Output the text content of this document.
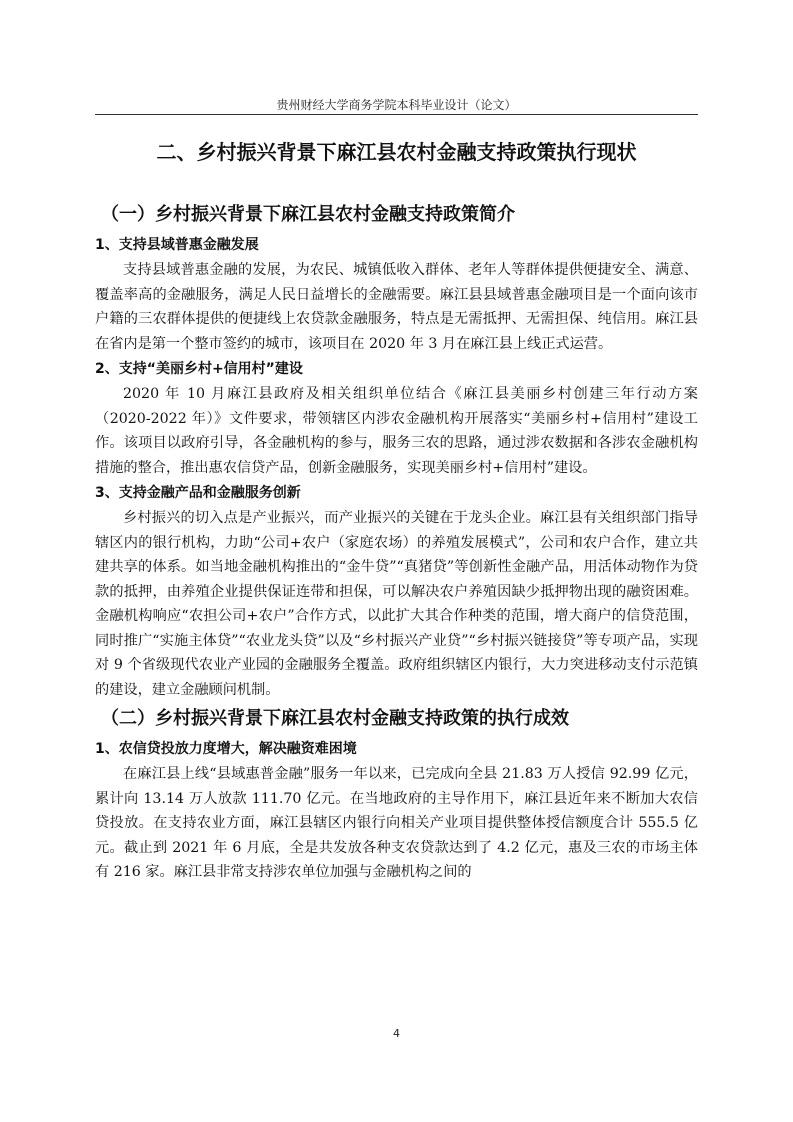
贵州财经大学商务学院本科毕业设计（论文）
二、乡村振兴背景下麻江县农村金融支持政策执行现状
（一）乡村振兴背景下麻江县农村金融支持政策简介
1、支持县域普惠金融发展

支持县域普惠金融的发展，为农民、城镇低收入群体、老年人等群体提供便捷安全、满意、覆盖率高的金融服务，满足人民日益增长的金融需要。麻江县县域普惠金融项目是一个面向该市户籍的三农群体提供的便捷线上农贷款金融服务，特点是无需抵押、无需担保、纯信用。麻江县在省内是第一个整市签约的城市，该项目在 2020 年 3 月在麻江县上线正式运营。

2、支持“美丽乡村+信用村”建设

2020 年 10 月麻江县政府及相关组织单位结合《麻江县美丽乡村创建三年行动方案（2020-2022 年）》文件要求，带领辖区内涉农金融机构开展落实“美丽乡村+信用村”建设工作。该项目以政府引导，各金融机构的参与，服务三农的思路，通过涉农数据和各涉农金融机构措施的整合，推出惠农信贷产品，创新金融服务，实现美丽乡村+信用村”建设。

3、支持金融产品和金融服务创新

乡村振兴的切入点是产业振兴，而产业振兴的关键在于龙头企业。麻江县有关组织部门指导辖区内的银行机构，力助“公司+农户（家庭农场）的养殖发展模式”，公司和农户合作，建立共建共享的体系。如当地金融机构推出的“金牛贷”“真猪贷”等创新性金融产品，用活体动物作为贷款的抵押，由养殖企业提供保证连带和担保，可以解决农户养殖因缺少抵押物出现的融资困难。金融机构响应“农担公司+农户”合作方式，以此扩大其合作种类的范围，增大商户的信贷范围，同时推广“实施主体贷”“农业龙头贷”以及“乡村振兴产业贷”“乡村振兴链接贷”等专项产品，实现对 9 个省级现代农业产业园的金融服务全覆盖。政府组织辖区内银行，大力突进移动支付示范镇的建设，建立金融顾问机制。

（二）乡村振兴背景下麻江县农村金融支持政策的执行成效
1、农信贷投放力度增大，解决融资难困境

在麻江县上线“县域惠普金融”服务一年以来，已完成向全县 21.83 万人授信 92.99 亿元，累计向 13.14 万人放款 111.70 亿元。在当地政府的主导作用下，麻江县近年来不断加大农信贷投放。在支持农业方面，麻江县辖区内银行向相关产业项目提供整体授信额度合计 555.5 亿元。截止到 2021 年 6 月底，全是共发放各种支农贷款达到了 4.2 亿元，惠及三农的市场主体有 216 家。麻江县非常支持涉农单位加强与金融机构之间的

4
